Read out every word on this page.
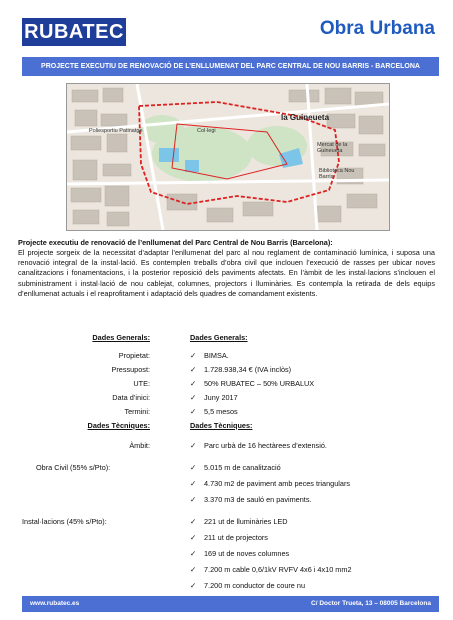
RUBATEC	Obra Urbana
PROJECTE EXECUTIU DE RENOVACIÓ DE L’ENLLUMENAT DEL PARC CENTRAL DE NOU BARRIS - BARCELONA
la Guineueta
Poliesportiu Patinatge	Col·legi
Biblioteca Nou Barris
Mercat de la Guineueta

Projecte executiu de renovació de l’enllumenat del Parc Central de Nou Barris (Barcelona):

El projecte sorgeix de la necessitat d’adaptar l’enllumenat del parc al nou reglament de contaminació lumínica, i suposa una renovació integral de la instal·lació. Es contemplen treballs d’obra civil que inclouen l’execució de rasses per ubicar noves canalitzacions i fonamentacions, i la posterior reposició dels paviments afectats. En l’àmbit de les instal·lacions s’inclouen el subministrament i instal·lació de nou cablejat, columnes, projectors i lluminàries. Es contempla la retirada de dels equips d’enllumenat actuals i el reaprofitament i adaptació dels quadres de comandament existents.

Dades Generals:	Dades Generals:
Propietat:	✓	BIMSA.
Pressupost:	✓	1.728.938,34 € (IVA inclòs)
UTE:	✓	50% RUBATEC – 50% URBALUX
Data d’inici:	✓	Juny 2017
Termini:	✓	5,5 mesos
Dades Tècniques:	Dades Tècniques:
Àmbit:	✓	Parc urbà de 16 hectàrees d’extensió.
Obra Civil (55% s/Pto):	✓	5.015 m de canalització
✓	4.730 m2 de paviment amb peces triangulars
✓	3.370 m3 de sauló en paviments.
Instal·lacions (45% s/Pto):	✓	221 ut de lluminàries LED
✓	211 ut de projectors
✓	169 ut de noves columnes
✓	7.200 m cable 0,6/1kV RVFV 4x6 i 4x10 mm2
✓	7.200 m conductor de coure nu
www.rubatec.es	C/ Doctor Trueta, 13 – 08005 Barcelona
